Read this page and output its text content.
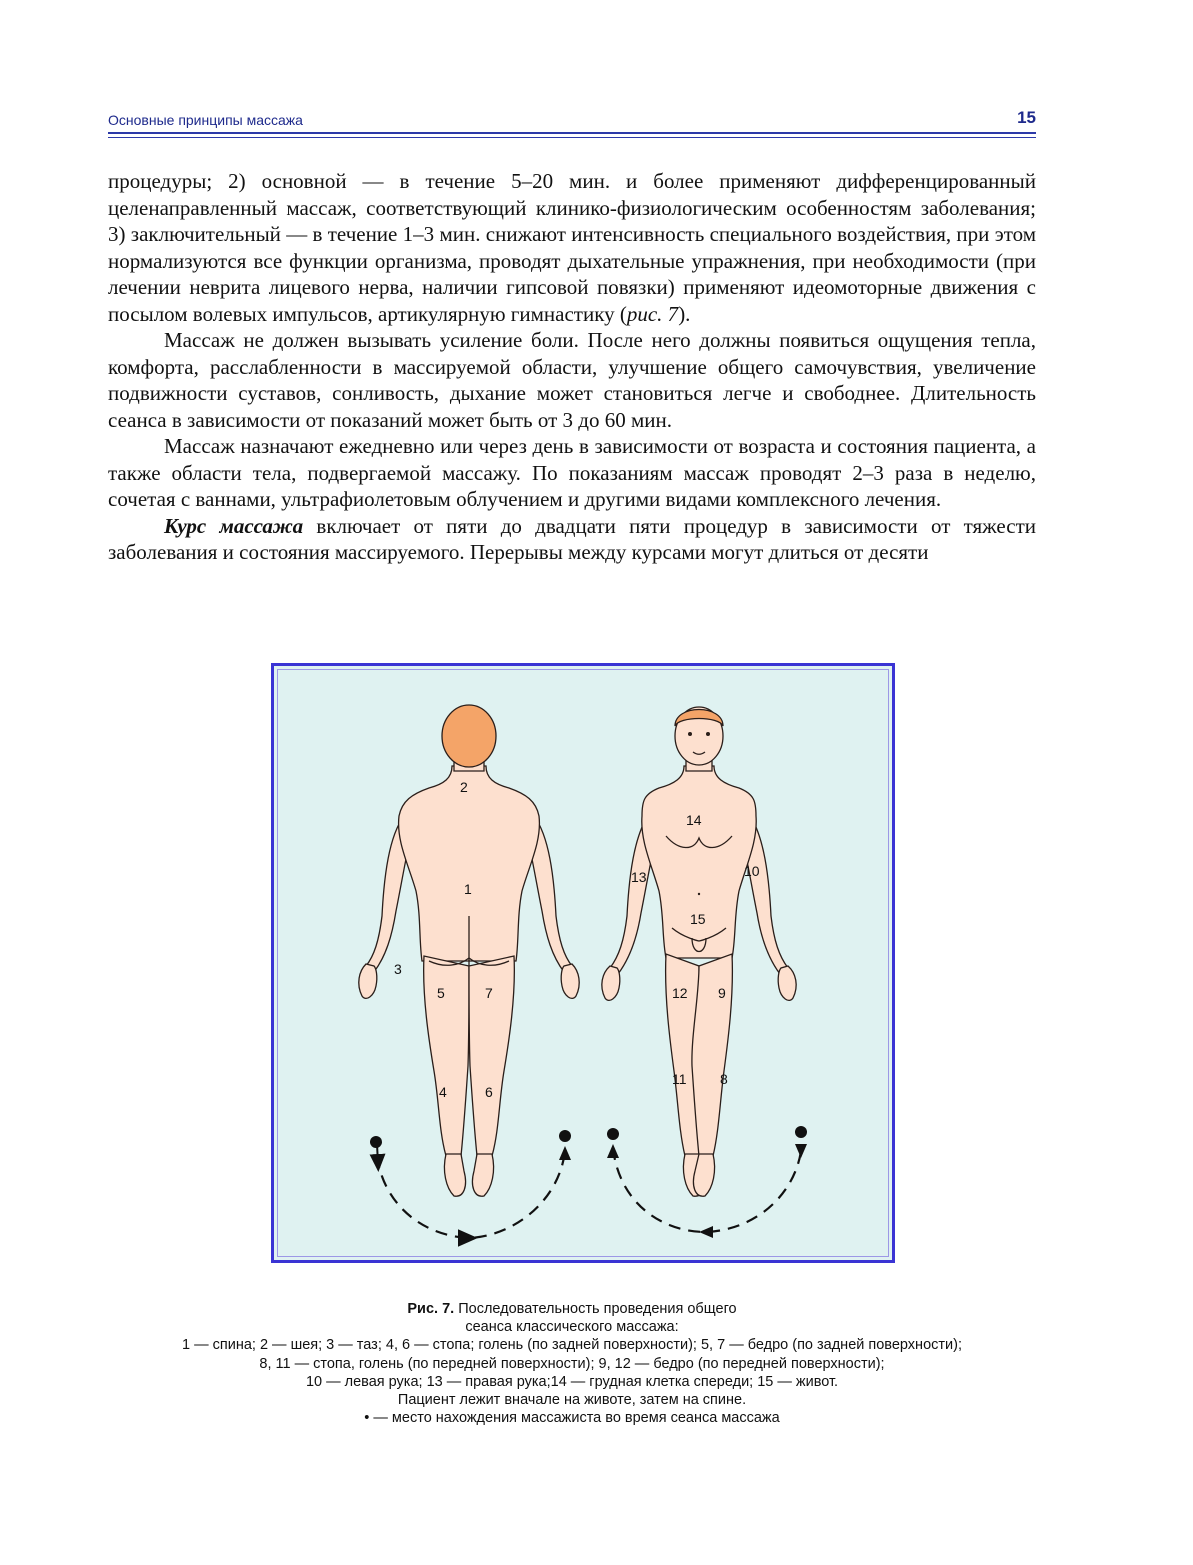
Основные принципы массажа	15

процедуры; 2) основной — в течение 5–20 мин. и более применяют дифференцированный целенаправленный массаж, соответствующий клинико-физиологическим особенностям заболевания; 3) заключительный — в течение 1–3 мин. снижают интенсивность специального воздействия, при этом нормализуются все функции организма, проводят дыхательные упражнения, при необходимости (при лечении неврита лицевого нерва, наличии гипсовой повязки) применяют идеомоторные движения с посылом волевых импульсов, артикулярную гимнастику (рис. 7).

Массаж не должен вызывать усиление боли. После него должны появиться ощущения тепла, комфорта, расслабленности в массируемой области, улучшение общего самочувствия, увеличение подвижности суставов, сонливость, дыхание может становиться легче и свободнее. Длительность сеанса в зависимости от показаний может быть от 3 до 60 мин.

Массаж назначают ежедневно или через день в зависимости от возраста и состояния пациента, а также области тела, подвергаемой массажу. По показаниям массаж проводят 2–3 раза в неделю, сочетая с ваннами, ультрафиолетовым облучением и другими видами комплексного лечения.

Курс массажа включает от пяти до двадцати пяти процедур в зависимости от тяжести заболевания и состояния массируемого. Перерывы между курсами могут длиться от десяти

2
1
3
5	7
4	6
14
10
13
15
12 9
11 8
Рис. 7. Последовательность проведения общего
сеанса классического массажа:
1 — спина; 2 — шея; 3 — таз; 4, 6 — стопа; голень (по задней поверхности); 5, 7 — бедро (по задней поверхности);
8, 11 — стопа, голень (по передней поверхности); 9, 12 — бедро (по передней поверхности);
10 — левая рука; 13 — правая рука;14 — грудная клетка спереди; 15 — живот.
Пациент лежит вначале на животе, затем на спине.
• — место нахождения массажиста во время сеанса массажа
